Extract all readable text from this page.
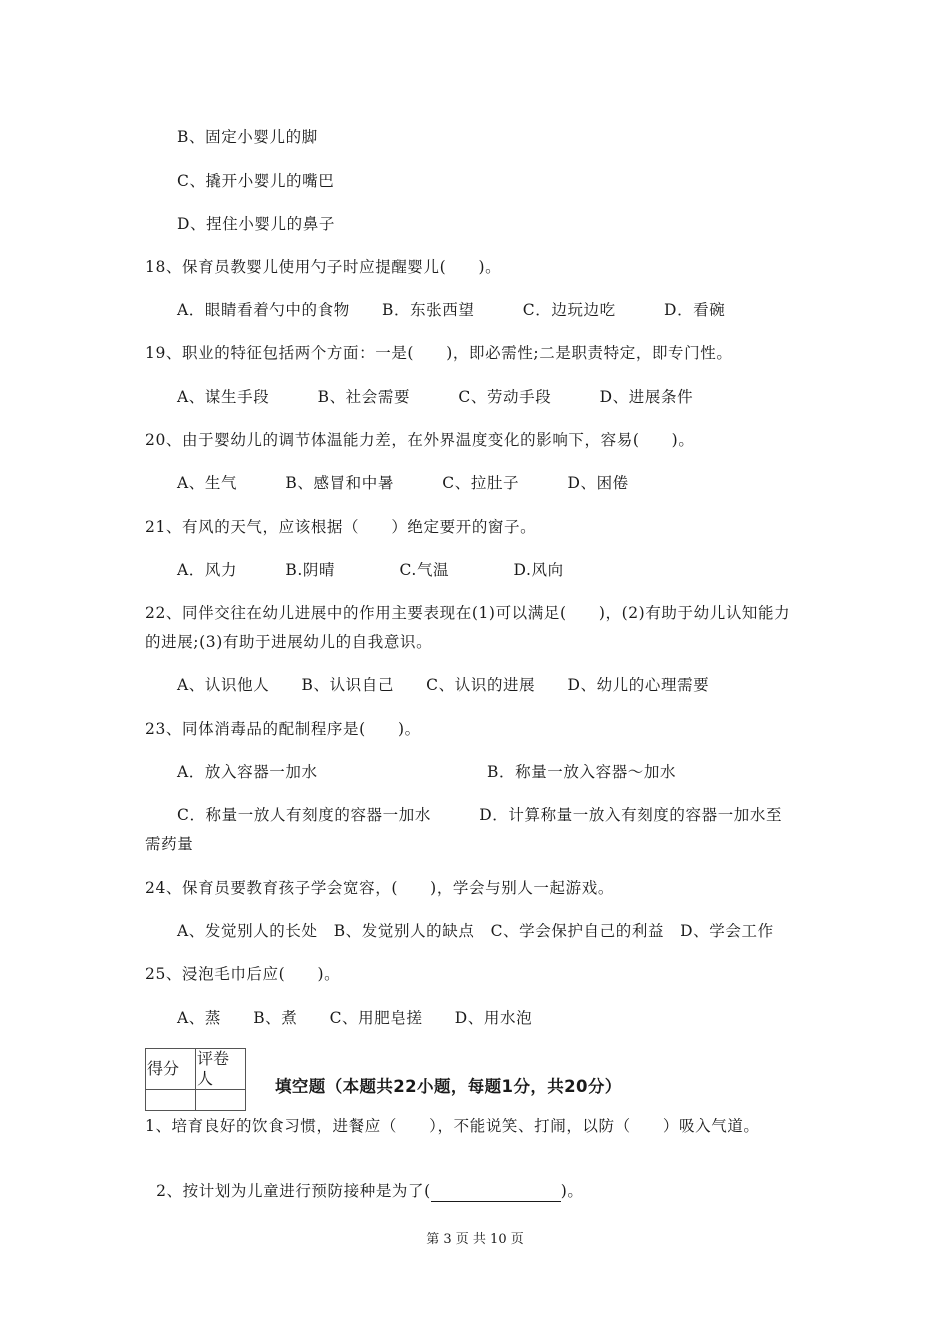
B、固定小婴儿的脚
C、撬开小婴儿的嘴巴
D、捏住小婴儿的鼻子
18、保育员教婴儿使用勺子时应提醒婴儿(　　)。
A．眼睛看着勺中的食物　　B．东张西望　　　C．边玩边吃　　　D．看碗
19、职业的特征包括两个方面：一是(　　)，即必需性;二是职责特定，即专门性。
A、谋生手段　　　B、社会需要　　　C、劳动手段　　　D、进展条件
20、由于婴幼儿的调节体温能力差，在外界温度变化的影响下，容易(　　)。
A、生气　　　B、感冒和中暑　　　C、拉肚子　　　D、困倦
21、有风的天气，应该根据（　　）绝定要开的窗子。
A．风力　　　B.阴晴　　　　C.气温　　　　D.风向
22、同伴交往在幼儿进展中的作用主要表现在(1)可以满足(　　)，(2)有助于幼儿认知能力
的进展;(3)有助于进展幼儿的自我意识。
A、认识他人　　B、认识自己　　C、认识的进展　　D、幼儿的心理需要
23、同体消毒品的配制程序是(　　)。
A．放入容器一加水	B．称量一放入容器～加水
C．称量一放人有刻度的容器一加水　　　D．计算称量一放入有刻度的容器一加水至
需药量
24、保育员要教育孩子学会宽容，(　　)，学会与别人一起游戏。
A、发觉别人的长处　B、发觉别人的缺点　C、学会保护自己的利益　D、学会工作
25、浸泡毛巾后应(　　)。
A、蒸　　B、煮　　C、用肥皂搓　　D、用水泡
得分	评卷人
		填空题（本题共22小题，每题1分，共20分）
1、培育良好的饮食习惯，进餐应（　　），不能说笑、打闹，以防（　　）吸入气道。

2、按计划为儿童进行预防接种是为了(	)。

第 3 页 共 10 页
